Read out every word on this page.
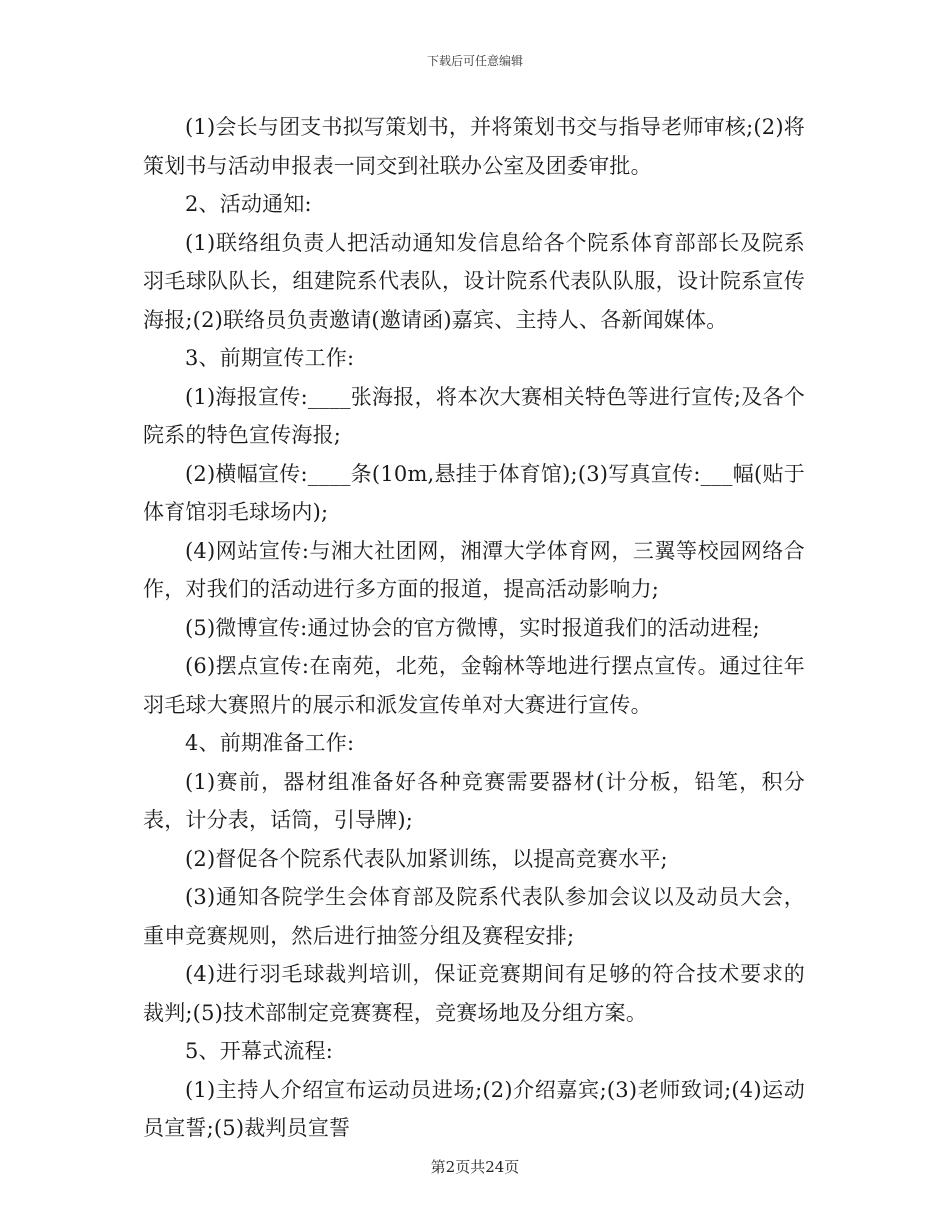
下载后可任意编辑

(1)会长与团支书拟写策划书，并将策划书交与指导老师审核;(2)将策划书与活动申报表一同交到社联办公室及团委审批。

2、活动通知:

(1)联络组负责人把活动通知发信息给各个院系体育部部长及院系羽毛球队队长，组建院系代表队，设计院系代表队队服，设计院系宣传海报;(2)联络员负责邀请(邀请函)嘉宾、主持人、各新闻媒体。

3、前期宣传工作:

(1)海报宣传:____张海报，将本次大赛相关特色等进行宣传;及各个院系的特色宣传海报;

(2)横幅宣传:____条(10m,悬挂于体育馆);(3)写真宣传:___幅(贴于体育馆羽毛球场内);

(4)网站宣传:与湘大社团网，湘潭大学体育网，三翼等校园网络合作，对我们的活动进行多方面的报道，提高活动影响力;

(5)微博宣传:通过协会的官方微博，实时报道我们的活动进程;

(6)摆点宣传:在南苑，北苑，金翰林等地进行摆点宣传。通过往年羽毛球大赛照片的展示和派发宣传单对大赛进行宣传。

4、前期准备工作:

(1)赛前，器材组准备好各种竞赛需要器材(计分板，铅笔，积分表，计分表，话筒，引导牌);

(2)督促各个院系代表队加紧训练，以提高竞赛水平;

(3)通知各院学生会体育部及院系代表队参加会议以及动员大会，重申竞赛规则，然后进行抽签分组及赛程安排;

(4)进行羽毛球裁判培训，保证竞赛期间有足够的符合技术要求的裁判;(5)技术部制定竞赛赛程，竞赛场地及分组方案。

5、开幕式流程:

(1)主持人介绍宣布运动员进场;(2)介绍嘉宾;(3)老师致词;(4)运动员宣誓;(5)裁判员宣誓

第2页共24页
